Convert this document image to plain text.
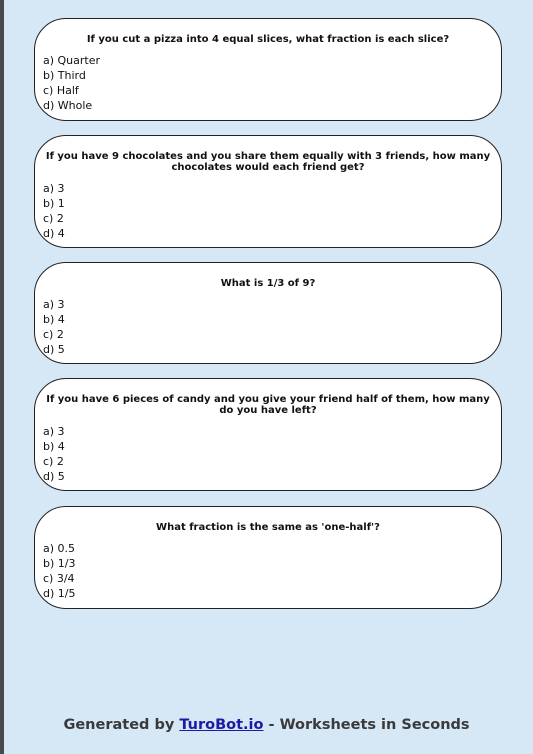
If you cut a pizza into 4 equal slices, what fraction is each slice?

a) Quarter
b) Third
c) Half
d) Whole

If you have 9 chocolates and you share them equally with 3 friends, how many chocolates would each friend get?

a) 3
b) 1
c) 2
d) 4

What is 1/3 of 9?

a) 3
b) 4
c) 2
d) 5

If you have 6 pieces of candy and you give your friend half of them, how many do you have left?

a) 3
b) 4
c) 2
d) 5

What fraction is the same as 'one-half'?

a) 0.5
b) 1/3
c) 3/4
d) 1/5
Generated by TuroBot.io - Worksheets in Seconds
